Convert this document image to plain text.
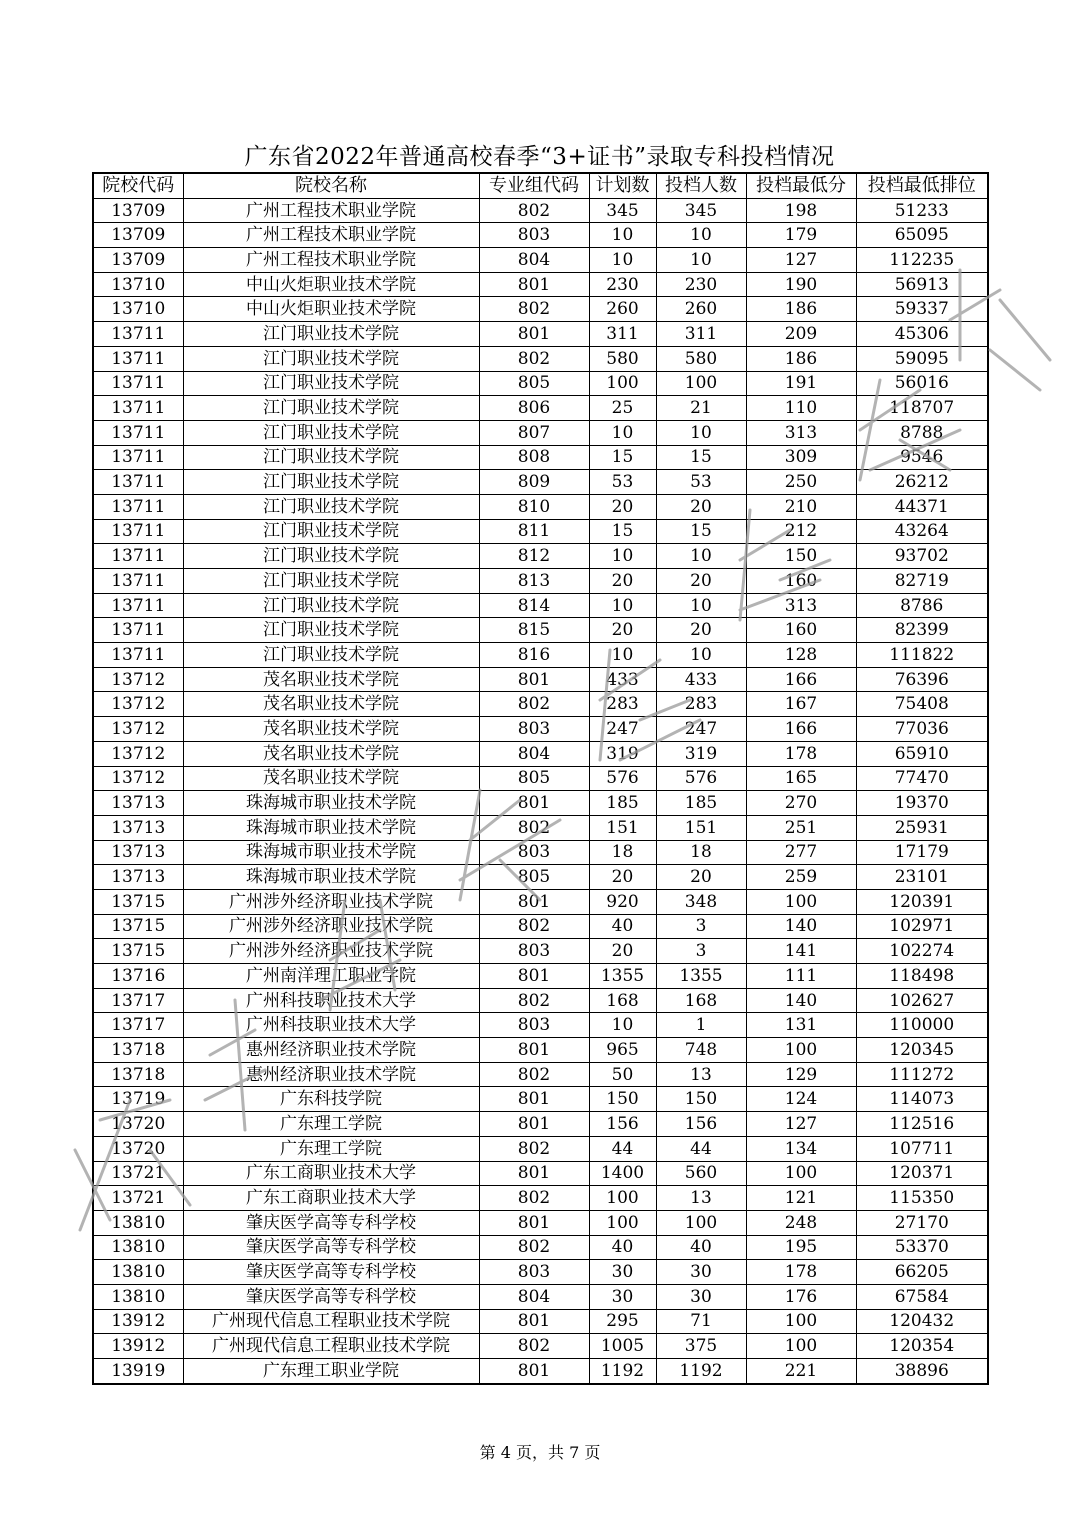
广东省2022年普通高校春季“3+证书”录取专科投档情况
院校代码	院校名称	专业组代码	计划数	投档人数	投档最低分	投档最低排位
13709	广州工程技术职业学院	802	345	345	198	51233
13709	广州工程技术职业学院	803	10	10	179	65095
13709	广州工程技术职业学院	804	10	10	127	112235
13710	中山火炬职业技术学院	801	230	230	190	56913
13710	中山火炬职业技术学院	802	260	260	186	59337
13711	江门职业技术学院	801	311	311	209	45306
13711	江门职业技术学院	802	580	580	186	59095
13711	江门职业技术学院	805	100	100	191	56016
13711	江门职业技术学院	806	25	21	110	118707
13711	江门职业技术学院	807	10	10	313	8788
13711	江门职业技术学院	808	15	15	309	9546
13711	江门职业技术学院	809	53	53	250	26212
13711	江门职业技术学院	810	20	20	210	44371
13711	江门职业技术学院	811	15	15	212	43264
13711	江门职业技术学院	812	10	10	150	93702
13711	江门职业技术学院	813	20	20	160	82719
13711	江门职业技术学院	814	10	10	313	8786
13711	江门职业技术学院	815	20	20	160	82399
13711	江门职业技术学院	816	10	10	128	111822
13712	茂名职业技术学院	801	433	433	166	76396
13712	茂名职业技术学院	802	283	283	167	75408
13712	茂名职业技术学院	803	247	247	166	77036
13712	茂名职业技术学院	804	319	319	178	65910
13712	茂名职业技术学院	805	576	576	165	77470
13713	珠海城市职业技术学院	801	185	185	270	19370
13713	珠海城市职业技术学院	802	151	151	251	25931
13713	珠海城市职业技术学院	803	18	18	277	17179
13713	珠海城市职业技术学院	805	20	20	259	23101
13715	广州涉外经济职业技术学院	801	920	348	100	120391
13715	广州涉外经济职业技术学院	802	40	3	140	102971
13715	广州涉外经济职业技术学院	803	20	3	141	102274
13716	广州南洋理工职业学院	801	1355	1355	111	118498
13717	广州科技职业技术大学	802	168	168	140	102627
13717	广州科技职业技术大学	803	10	1	131	110000
13718	惠州经济职业技术学院	801	965	748	100	120345
13718	惠州经济职业技术学院	802	50	13	129	111272
13719	广东科技学院	801	150	150	124	114073
13720	广东理工学院	801	156	156	127	112516
13720	广东理工学院	802	44	44	134	107711
13721	广东工商职业技术大学	801	1400	560	100	120371
13721	广东工商职业技术大学	802	100	13	121	115350
13810	肇庆医学高等专科学校	801	100	100	248	27170
13810	肇庆医学高等专科学校	802	40	40	195	53370
13810	肇庆医学高等专科学校	803	30	30	178	66205
13810	肇庆医学高等专科学校	804	30	30	176	67584
13912	广州现代信息工程职业技术学院	801	295	71	100	120432
13912	广州现代信息工程职业技术学院	802	1005	375	100	120354
13919	广东理工职业学院	801	1192	1192	221	38896
第 4 页，共 7 页
